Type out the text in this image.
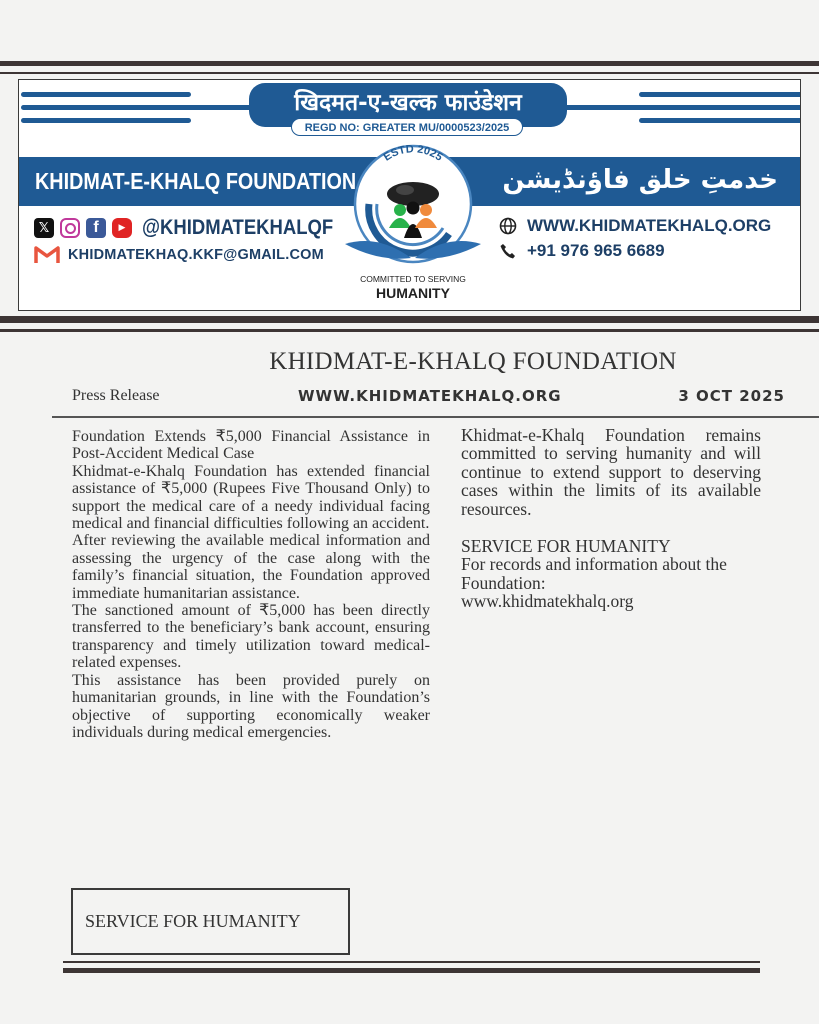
खिदमत-ए-खल्क फाउंडेशन
REGD NO: GREATER MU/0000523/2025
KHIDMAT-E-KHALQ FOUNDATION	خدمتِ خلق فاؤنڈیشن
ESTD 2025
COMMITTED TO SERVING
HUMANITY
𝕏	f	▶ @KHIDMATEKHALQF
KHIDMATEKHAQ.KKF@GMAIL.COM
WWW.KHIDMATEKHALQ.ORG
+91 976 965 6689
KHIDMAT-E-KHALQ FOUNDATION
Press Release	WWW.KHIDMATEKHALQ.ORG	3 OCT 2025

Foundation Extends ₹5,000 Financial Assistance in Post-Accident Medical Case

Khidmat-e-Khalq Foundation has extended financial assistance of ₹5,000 (Rupees Five Thousand Only) to support the medical care of a needy individual facing medical and financial difficulties following an accident.

After reviewing the available medical information and assessing the urgency of the case along with the family’s financial situation, the Foundation approved immediate humanitarian assistance.

The sanctioned amount of ₹5,000 has been directly transferred to the beneficiary’s bank account, ensuring transparency and timely utilization toward medical-related expenses.

This assistance has been provided purely on humanitarian grounds, in line with the Foundation’s objective of supporting economically weaker individuals during medical emergencies.

Khidmat-e-Khalq Foundation remains committed to serving humanity and will continue to extend support to deserving cases within the limits of its available resources.

SERVICE FOR HUMANITY

For records and information about the Foundation:

www.khidmatekhalq.org

SERVICE FOR HUMANITY
